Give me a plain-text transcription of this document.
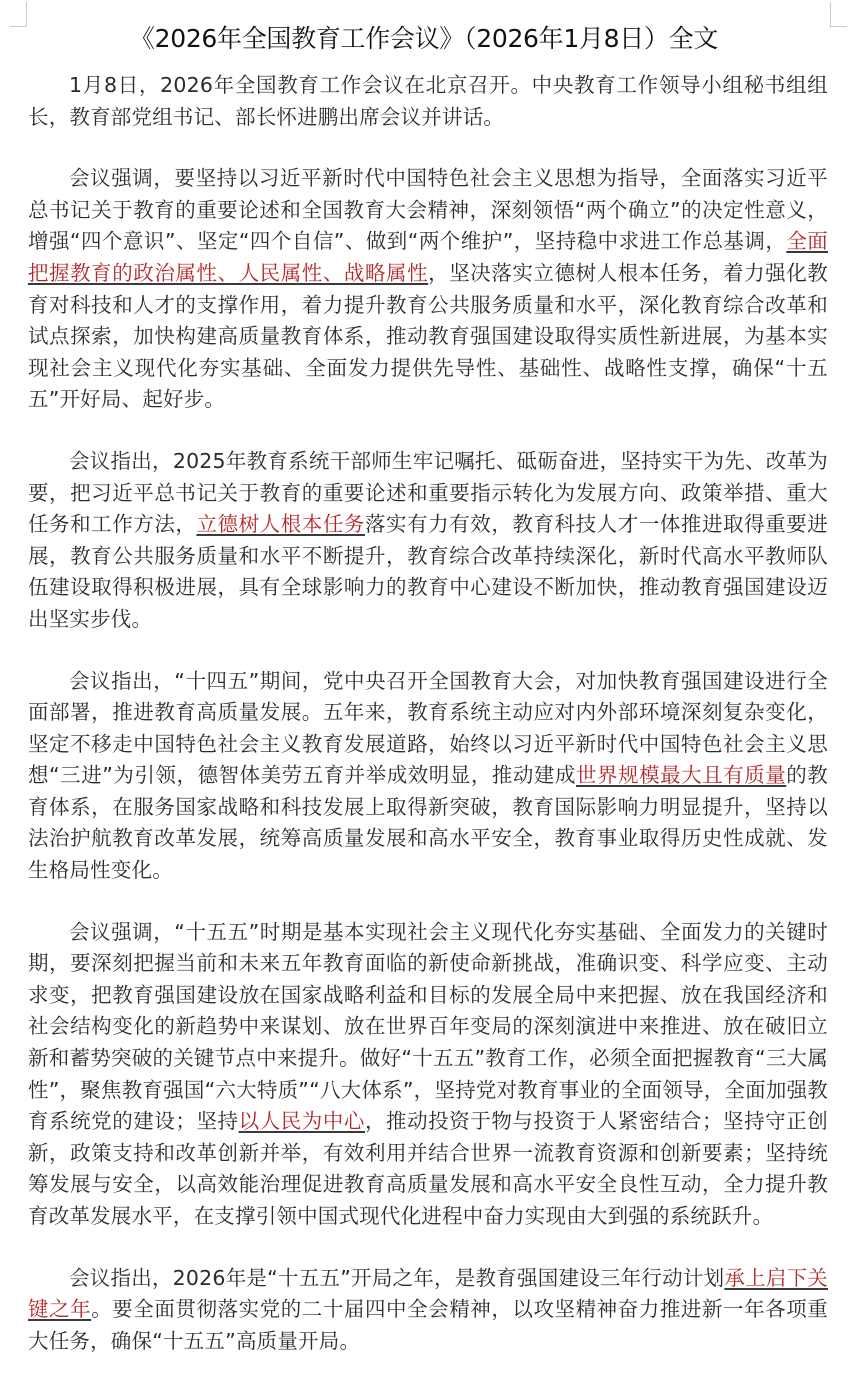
《2026年全国教育工作会议》（2026年1月8日）全文

1月8日，2026年全国教育工作会议在北京召开。中央教育工作领导小组秘书组组长，教育部党组书记、部长怀进鹏出席会议并讲话。

会议强调，要坚持以习近平新时代中国特色社会主义思想为指导，全面落实习近平总书记关于教育的重要论述和全国教育大会精神，深刻领悟“两个确立”的决定性意义，增强“四个意识”、坚定“四个自信”、做到“两个维护”，坚持稳中求进工作总基调，全面把握教育的政治属性、人民属性、战略属性，坚决落实立德树人根本任务，着力强化教育对科技和人才的支撑作用，着力提升教育公共服务质量和水平，深化教育综合改革和试点探索，加快构建高质量教育体系，推动教育强国建设取得实质性新进展，为基本实现社会主义现代化夯实基础、全面发力提供先导性、基础性、战略性支撑，确保“十五五”开好局、起好步。

会议指出，2025年教育系统干部师生牢记嘱托、砥砺奋进，坚持实干为先、改革为要，把习近平总书记关于教育的重要论述和重要指示转化为发展方向、政策举措、重大任务和工作方法，立德树人根本任务落实有力有效，教育科技人才一体推进取得重要进展，教育公共服务质量和水平不断提升，教育综合改革持续深化，新时代高水平教师队伍建设取得积极进展，具有全球影响力的教育中心建设不断加快，推动教育强国建设迈出坚实步伐。

会议指出，“十四五”期间，党中央召开全国教育大会，对加快教育强国建设进行全面部署，推进教育高质量发展。五年来，教育系统主动应对内外部环境深刻复杂变化，坚定不移走中国特色社会主义教育发展道路，始终以习近平新时代中国特色社会主义思想“三进”为引领，德智体美劳五育并举成效明显，推动建成世界规模最大且有质量的教育体系，在服务国家战略和科技发展上取得新突破，教育国际影响力明显提升，坚持以法治护航教育改革发展，统筹高质量发展和高水平安全，教育事业取得历史性成就、发生格局性变化。

会议强调，“十五五”时期是基本实现社会主义现代化夯实基础、全面发力的关键时期，要深刻把握当前和未来五年教育面临的新使命新挑战，准确识变、科学应变、主动求变，把教育强国建设放在国家战略利益和目标的发展全局中来把握、放在我国经济和社会结构变化的新趋势中来谋划、放在世界百年变局的深刻演进中来推进、放在破旧立新和蓄势突破的关键节点中来提升。做好“十五五”教育工作，必须全面把握教育“三大属性”，聚焦教育强国“六大特质”“八大体系”，坚持党对教育事业的全面领导，全面加强教育系统党的建设；坚持以人民为中心，推动投资于物与投资于人紧密结合；坚持守正创新，政策支持和改革创新并举，有效利用并结合世界一流教育资源和创新要素；坚持统筹发展与安全，以高效能治理促进教育高质量发展和高水平安全良性互动，全力提升教育改革发展水平，在支撑引领中国式现代化进程中奋力实现由大到强的系统跃升。

会议指出，2026年是“十五五”开局之年，是教育强国建设三年行动计划承上启下关键之年。要全面贯彻落实党的二十届四中全会精神，以攻坚精神奋力推进新一年各项重大任务，确保“十五五”高质量开局。
